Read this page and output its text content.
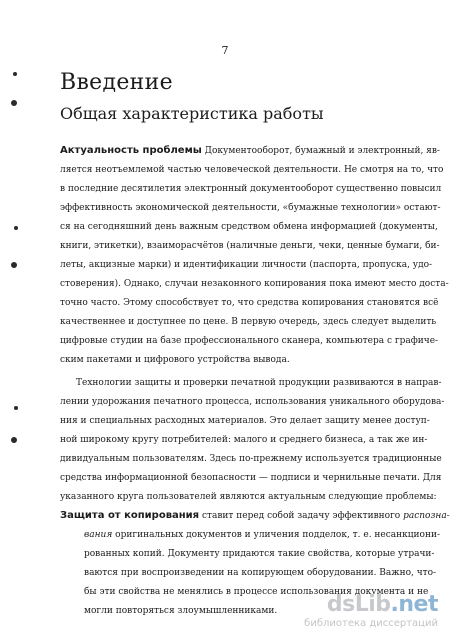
7
Введение
Общая характеристика работы
Актуальность проблемы Документооборот, бумажный и электронный, яв-
ляется неотъемлемой частью человеческой деятельности. Не смотря на то, что
в последние десятилетия электронный документооборот существенно повысил
эффективность экономической деятельности, «бумажные технологии» остают-
ся на сегодняшний день важным средством обмена информацией (документы,
книги, этикетки), взаиморасчётов (наличные деньги, чеки, ценные бумаги, би-
леты, акцизные марки) и идентификации личности (паспорта, пропуска, удо-
стоверения). Однако, случаи незаконного копирования пока имеют место доста-
точно часто. Этому способствует то, что средства копирования становятся всё
качественнее и доступнее по цене. В первую очередь, здесь следует выделить
цифровые студии на базе профессионального сканера, компьютера с графиче-
ским пакетами и цифрового устройства вывода.
Технологии защиты и проверки печатной продукции развиваются в направ-
лении удорожания печатного процесса, использования уникального оборудова-
ния и специальных расходных материалов. Это делает защиту менее доступ-
ной широкому кругу потребителей: малого и среднего бизнеса, а так же ин-
дивидуальным пользователям. Здесь по-прежнему используется традиционные
средства информационной безопасности — подписи и чернильные печати. Для
указанного круга пользователей являются актуальным следующие проблемы:
Защита от копирования ставит перед собой задачу эффективного распозна-
вания оригинальных документов и уличения подделок, т. е. несанкциони-
рованных копий. Документу придаются такие свойства, которые утрачи-
ваются при воспроизведении на копирующем оборудовании. Важно, что-
бы эти свойства не менялись в процессе использования документа и не
могли повторяться злоумышленниками.	dsLib.net
библиотека диссертаций
